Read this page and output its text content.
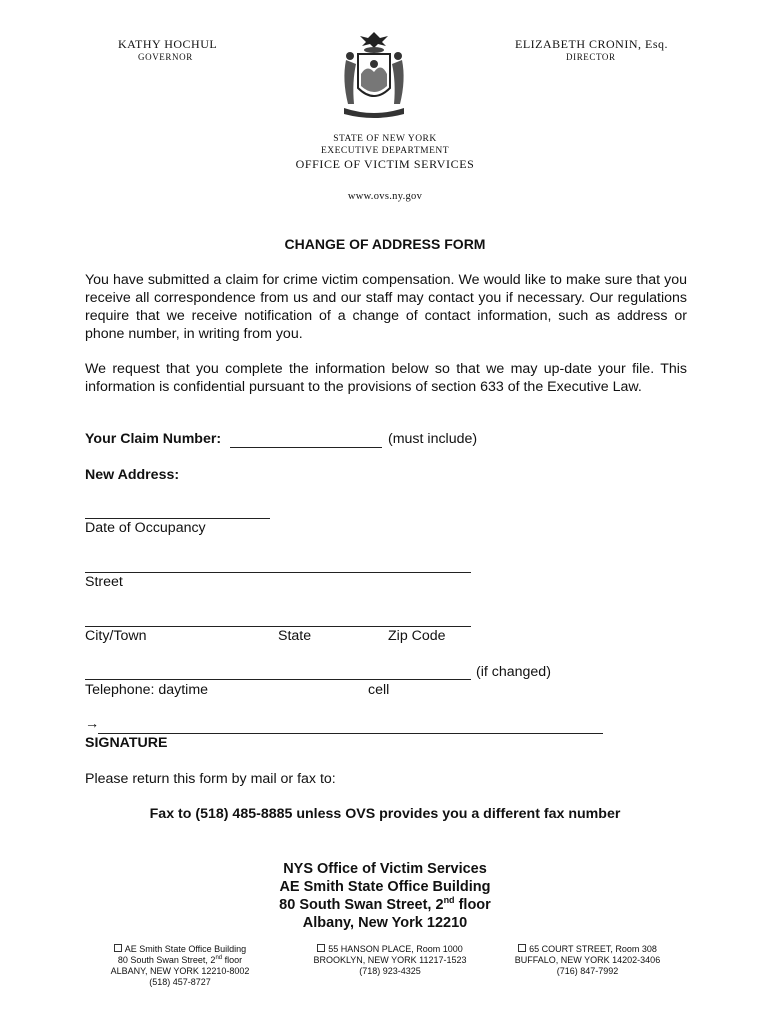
KATHY HOCHUL
GOVERNOR
ELIZABETH CRONIN, Esq.
DIRECTOR
STATE OF NEW YORK
EXECUTIVE DEPARTMENT
OFFICE OF VICTIM SERVICES
www.ovs.ny.gov
CHANGE OF ADDRESS FORM

You have submitted a claim for crime victim compensation. We would like to make sure that you receive all correspondence from us and our staff may contact you if necessary. Our regulations require that we receive notification of a change of contact information, such as address or phone number, in writing from you.

We request that you complete the information below so that we may up-date your file. This information is confidential pursuant to the provisions of section 633 of the Executive Law.

Your Claim Number:	(must include)
New Address:
Date of Occupancy
Street
City/Town	State	Zip Code
(if changed)
Telephone: daytime	cell
→
SIGNATURE
Please return this form by mail or fax to:
Fax to (518) 485-8885 unless OVS provides you a different fax number
NYS Office of Victim Services
AE Smith State Office Building
80 South Swan Street, 2nd floor
Albany, New York 12210
AE Smith State Office Building
80 South Swan Street, 2nd floor
ALBANY, NEW YORK 12210-8002
(518) 457-8727
55 HANSON PLACE, Room 1000
BROOKLYN, NEW YORK 11217-1523
(718) 923-4325
65 COURT STREET, Room 308
BUFFALO, NEW YORK 14202-3406
(716) 847-7992
